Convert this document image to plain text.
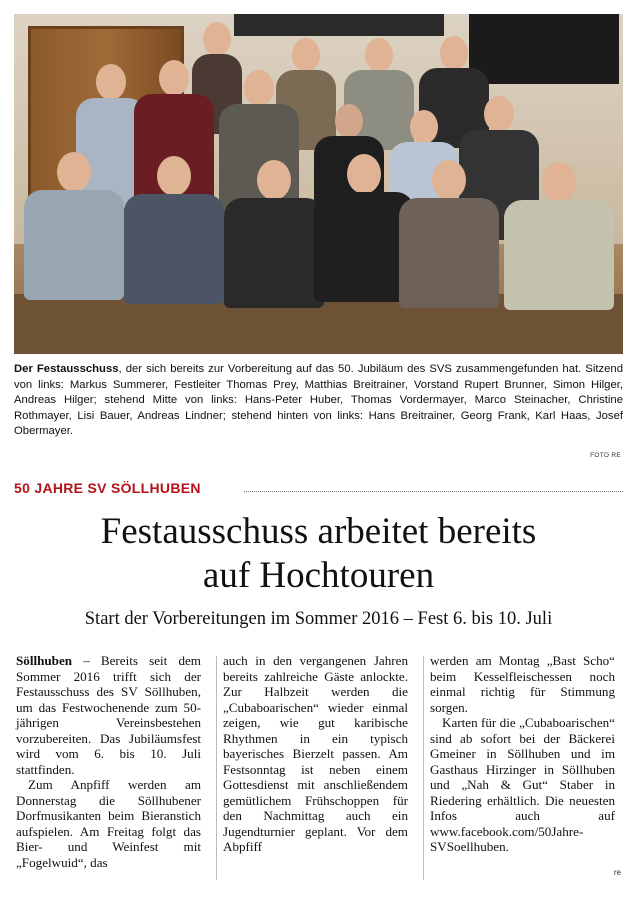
Der Festausschuss, der sich bereits zur Vorbereitung auf das 50. Jubiläum des SVS zusammengefunden hat. Sitzend von links: Markus Summerer, Festleiter Thomas Prey, Matthias Breitrainer, Vorstand Rupert Brunner, Simon Hilger, Andreas Hilger; stehend Mitte von links: Hans-Peter Huber, Thomas Vordermayer, Marco Steinacher, Christine Rothmayer, Lisi Bauer, Andreas Lindner; stehend hinten von links: Hans Breitrainer, Georg Frank, Karl Haas, Josef Obermayer.
FOTO RE
50 JAHRE SV SÖLLHUBEN
Festausschuss arbeitet bereits
auf Hochtouren
Start der Vorbereitungen im Sommer 2016 – Fest 6. bis 10. Juli

Söllhuben – Bereits seit dem Sommer 2016 trifft sich der Festausschuss des SV Söllhuben, um das Festwochenende zum 50-jährigen Vereinsbestehen vorzubereiten. Das Jubiläumsfest wird vom 6. bis 10. Juli stattfinden.

Zum Anpfiff werden am Donnerstag die Söllhubener Dorfmusikanten beim Bieranstich aufspielen. Am Freitag folgt das Bier- und Weinfest mit „Fogelwuid“, das

auch in den vergangenen Jahren bereits zahlreiche Gäste anlockte. Zur Halbzeit werden die „Cubaboarischen“ wieder einmal zeigen, wie gut karibische Rhythmen in ein typisch bayerisches Bierzelt passen. Am Festsonntag ist neben einem Gottesdienst mit anschließendem gemütlichem Frühschoppen für den Nachmittag auch ein Jugendturnier geplant. Vor dem Abpfiff

werden am Montag „Bast Scho“ beim Kesselfleischessen noch einmal richtig für Stimmung sorgen.

Karten für die „Cubaboarischen“ sind ab sofort bei der Bäckerei Gmeiner in Söllhuben und im Gasthaus Hirzinger in Söllhuben und „Nah & Gut“ Staber in Riedering erhältlich. Die neuesten Infos auch auf www.facebook.com/50Jahre-SVSoellhuben.

re
